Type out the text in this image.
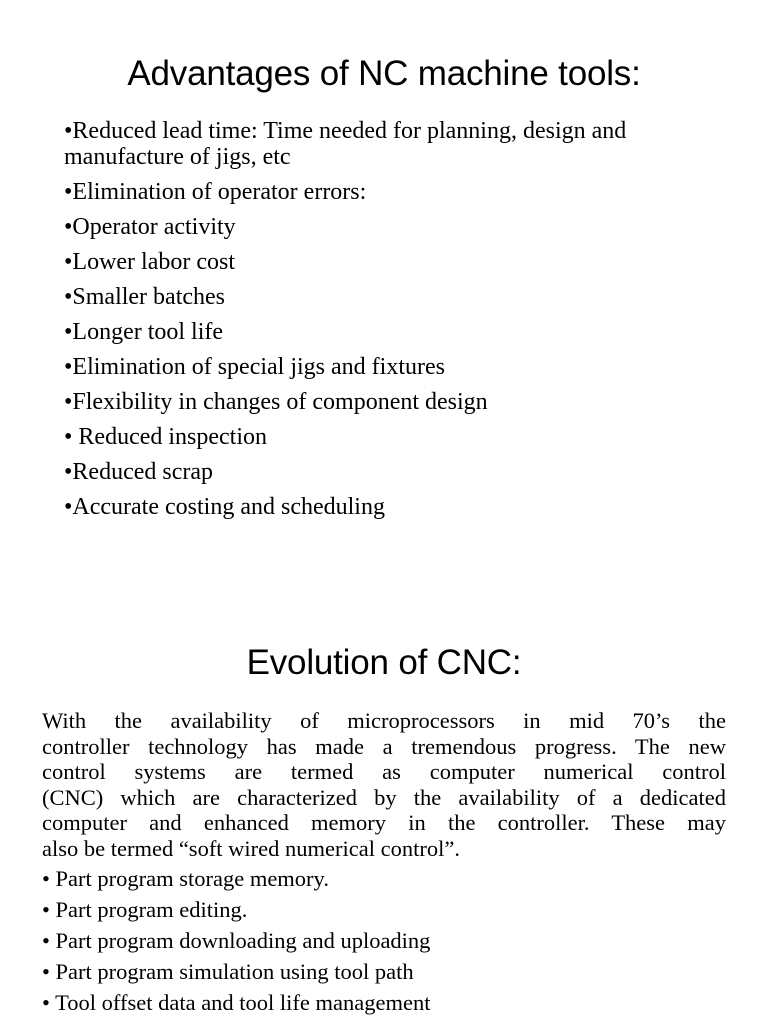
Advantages of NC machine tools:
•Reduced lead time: Time needed for planning, design and manufacture of jigs, etc
•Elimination of operator errors:
•Operator activity
•Lower labor cost
•Smaller batches
•Longer tool life
•Elimination of special jigs and fixtures
•Flexibility in changes of component design
• Reduced inspection
•Reduced scrap
•Accurate costing and scheduling
Evolution of CNC:
With the availability of microprocessors in mid 70’s the
controller technology has made a tremendous progress. The new
control systems are termed as computer numerical control
(CNC) which are characterized by the availability of a dedicated
computer and enhanced memory in the controller. These may
also be termed “soft wired numerical control”.
• Part program storage memory.
• Part program editing.
• Part program downloading and uploading
• Part program simulation using tool path
• Tool offset data and tool life management
